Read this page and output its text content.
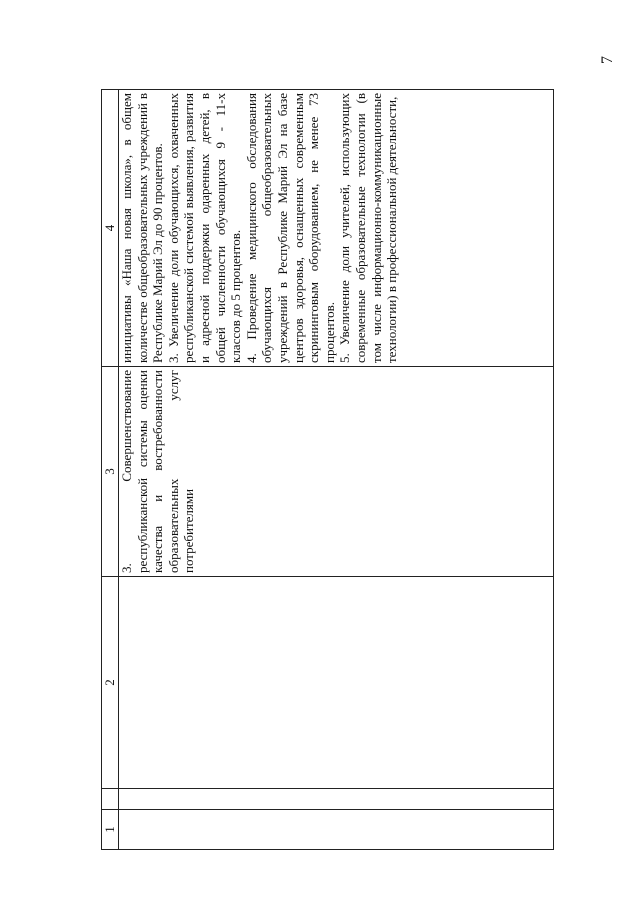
7
1		2	3	4

			3. Совершенствование республиканской системы оценки качества и востребованности образовательных услуг потребителями	инициативы «Наша новая школа», в общем количестве общеобразовательных учреждений в Республике Марий Эл до 90 процентов. 3. Увеличение доли обучающихся, охваченных республиканской системой выявления, развития и адресной поддержки одаренных детей, в общей численности обучающихся 9 - 11-х классов до 5 процентов. 4. Проведение медицинского обследования обучающихся общеобразовательных учреждений в Республике Марий Эл на базе центров здоровья, оснащенных современным скрининговым оборудованием, не менее 73 процентов. 5. Увеличение доли учителей, использующих современные образовательные технологии (в том числе информационно-коммуникационные технологии) в профессиональной деятельности,
